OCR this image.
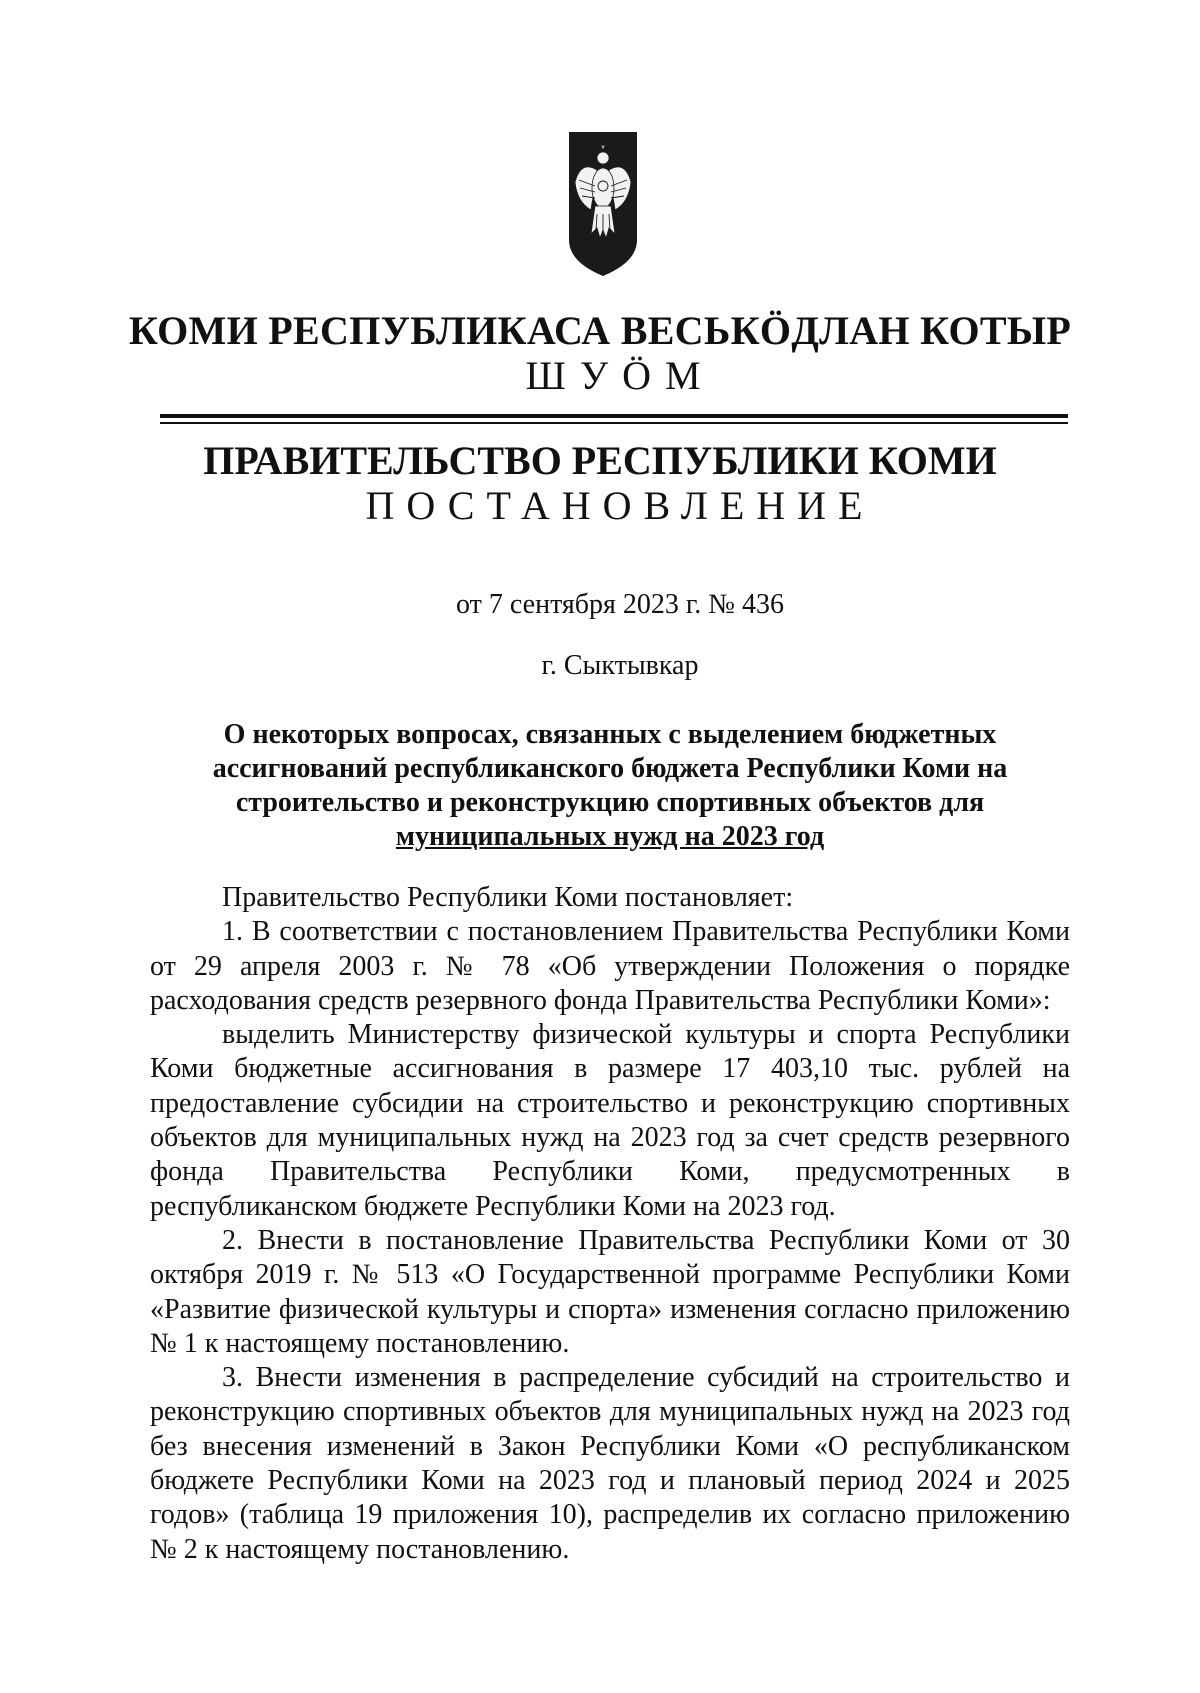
КОМИ РЕСПУБЛИКАСА ВЕСЬКӦДЛАН КОТЫР
ШУӦМ
ПРАВИТЕЛЬСТВО РЕСПУБЛИКИ КОМИ
ПОСТАНОВЛЕНИЕ
от 7 сентября 2023 г. № 436
г. Сыктывкар
О некоторых вопросах, связанных с выделением бюджетных
ассигнований республиканского бюджета Республики Коми на
строительство и реконструкцию спортивных объектов для
муниципальных нужд на 2023 год

Правительство Республики Коми постановляет:

1. В соответствии с постановлением Правительства Республики Коми от 29 апреля 2003 г. № 78 «Об утверждении Положения о порядке расходования средств резервного фонда Правительства Республики Коми»:

выделить Министерству физической культуры и спорта Республики Коми бюджетные ассигнования в размере 17 403,10 тыс. рублей на предоставление субсидии на строительство и реконструкцию спортивных объектов для муниципальных нужд на 2023 год за счет средств резервного фонда Правительства Республики Коми, предусмотренных в республиканском бюджете Республики Коми на 2023 год.

2. Внести в постановление Правительства Республики Коми от 30 октября 2019 г. № 513 «О Государственной программе Республики Коми «Развитие физической культуры и спорта» изменения согласно приложению № 1 к настоящему постановлению.

3. Внести изменения в распределение субсидий на строительство и реконструкцию спортивных объектов для муниципальных нужд на 2023 год без внесения изменений в Закон Республики Коми «О республиканском бюджете Республики Коми на 2023 год и плановый период 2024 и 2025 годов» (таблица 19 приложения 10), распределив их согласно приложению № 2 к настоящему постановлению.
